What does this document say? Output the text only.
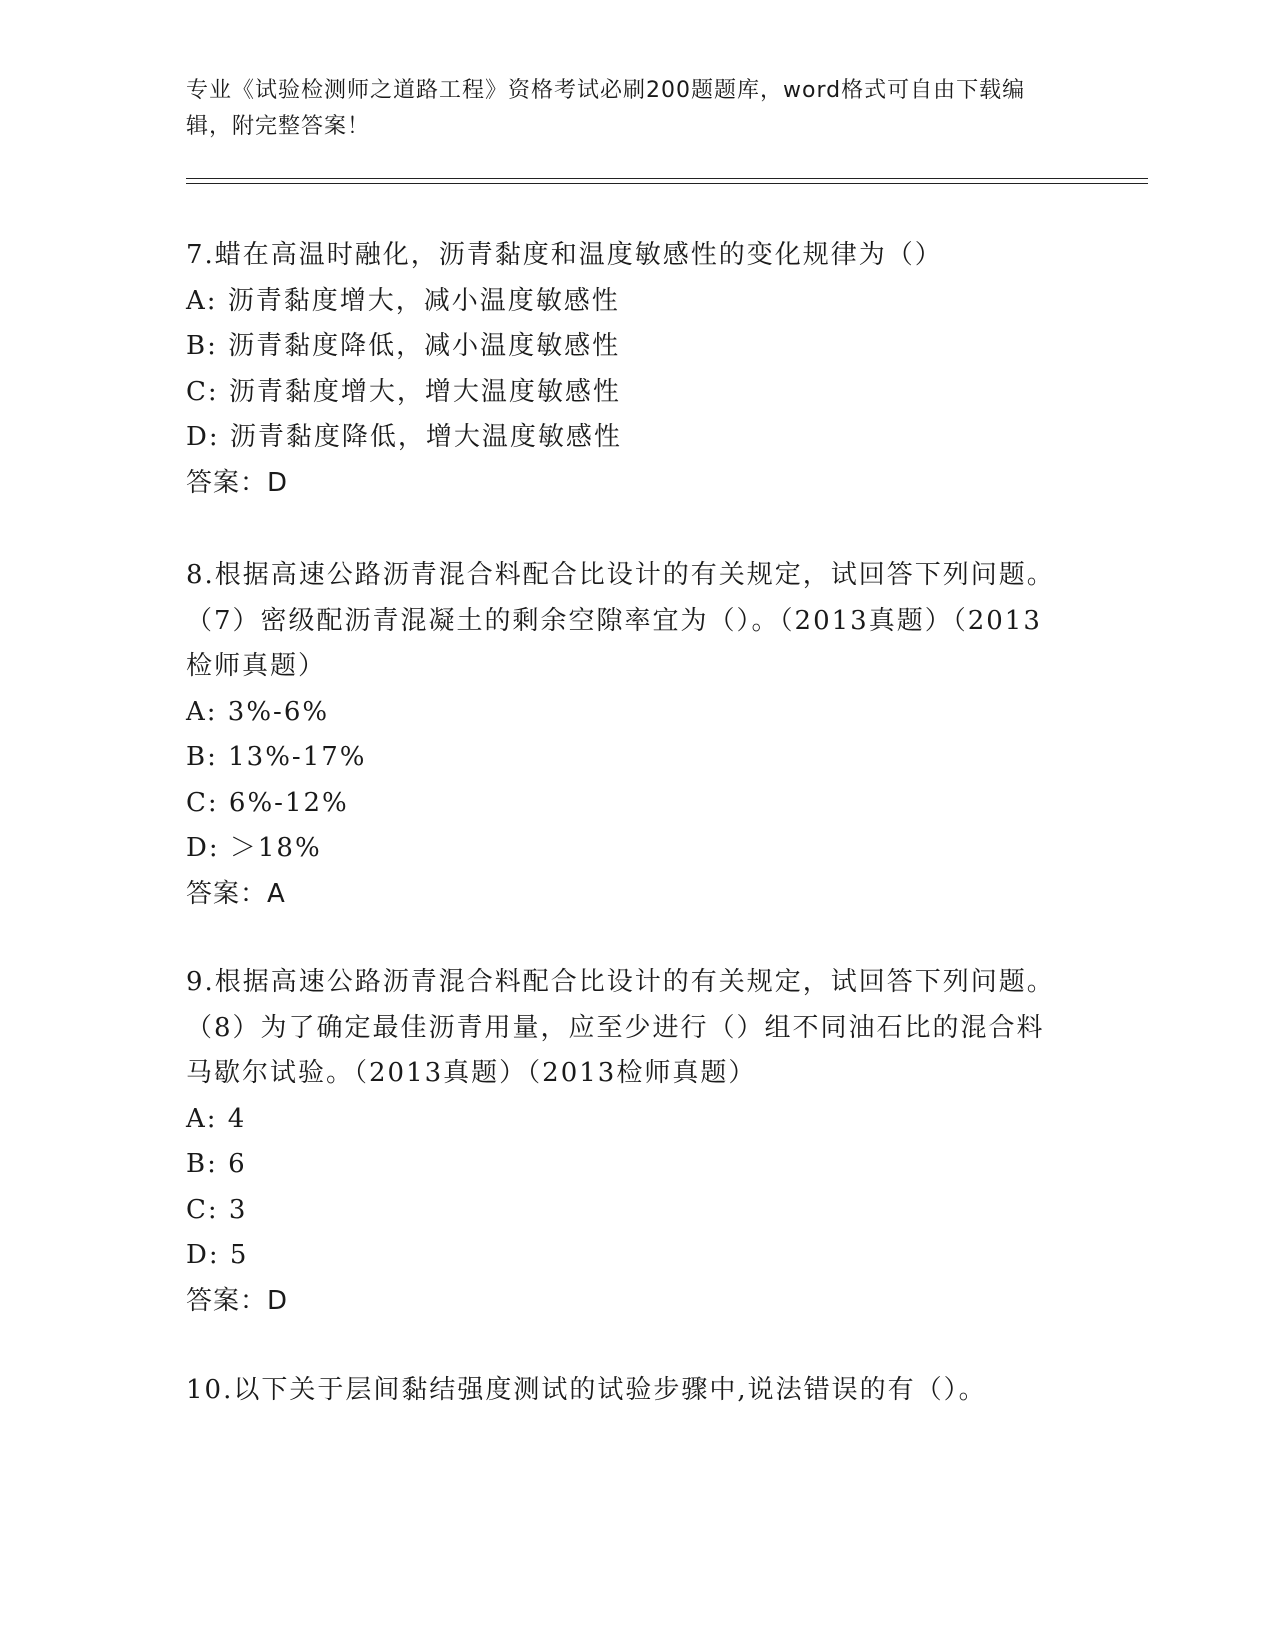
专业《试验检测师之道路工程》资格考试必刷200题题库，word格式可自由下载编辑，附完整答案！
7.蜡在高温时融化，沥青黏度和温度敏感性的变化规律为（）
A: 沥青黏度增大，减小温度敏感性
B: 沥青黏度降低，减小温度敏感性
C: 沥青黏度增大，增大温度敏感性
D: 沥青黏度降低，增大温度敏感性
答案：D
8.根据高速公路沥青混合料配合比设计的有关规定，试回答下列问题。（7）密级配沥青混凝土的剩余空隙率宜为（）。（2013真题）（2013检师真题）
A: 3%-6%
B: 13%-17%
C: 6%-12%
D: ＞18%
答案：A
9.根据高速公路沥青混合料配合比设计的有关规定，试回答下列问题。（8）为了确定最佳沥青用量，应至少进行（）组不同油石比的混合料马歇尔试验。（2013真题）（2013检师真题）
A: 4
B: 6
C: 3
D: 5
答案：D
10.以下关于层间黏结强度测试的试验步骤中,说法错误的有（）。
